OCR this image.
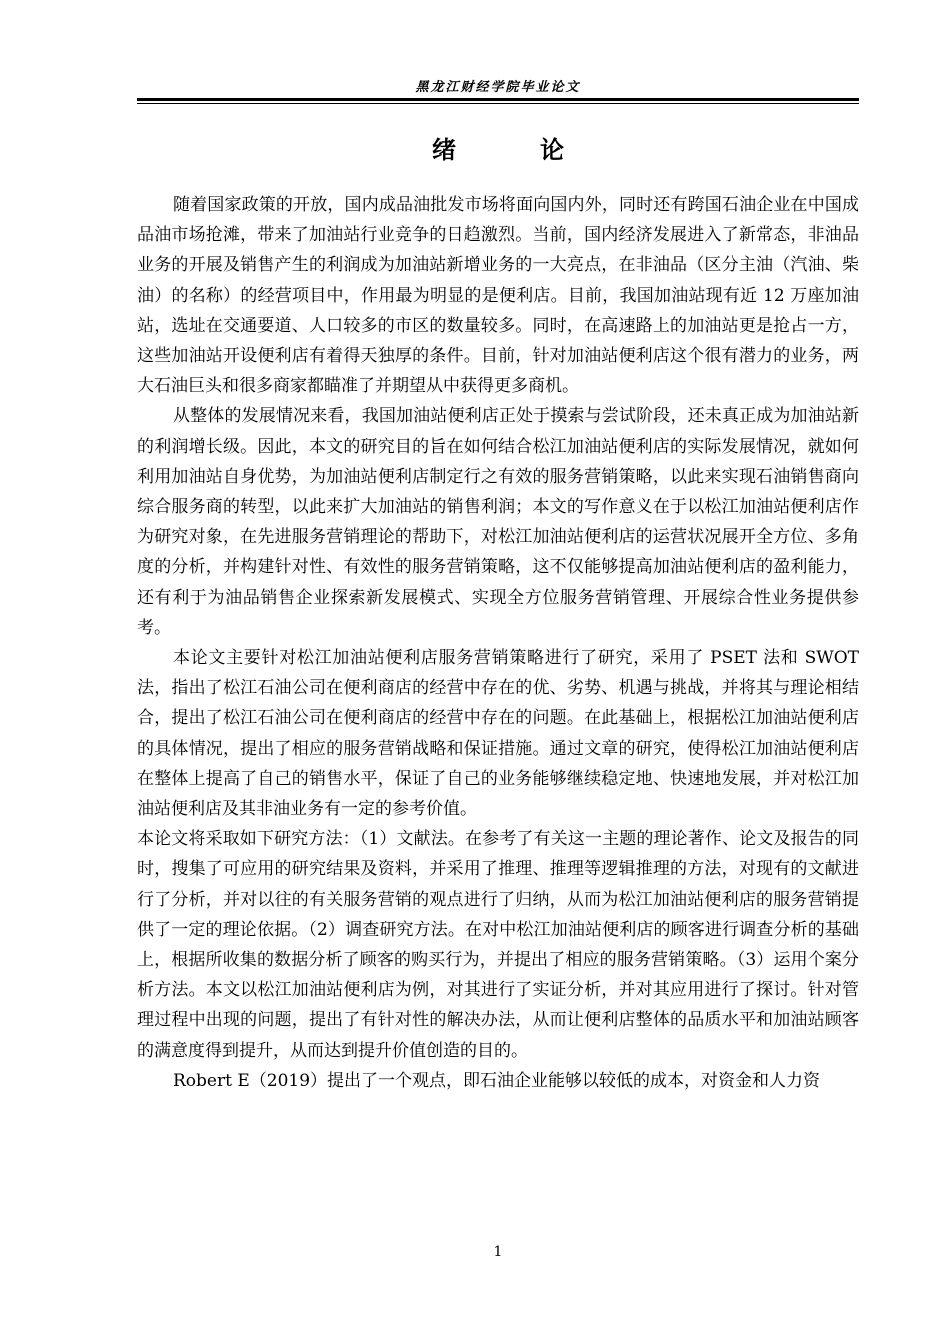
黑龙江财经学院毕业论文
绪　论

随着国家政策的开放，国内成品油批发市场将面向国内外，同时还有跨国石油企业在中国成品油市场抢滩，带来了加油站行业竞争的日趋激烈。当前，国内经济发展进入了新常态，非油品业务的开展及销售产生的利润成为加油站新增业务的一大亮点，在非油品（区分主油（汽油、柴油）的名称）的经营项目中，作用最为明显的是便利店。目前，我国加油站现有近 12 万座加油站，选址在交通要道、人口较多的市区的数量较多。同时，在高速路上的加油站更是抢占一方，这些加油站开设便利店有着得天独厚的条件。目前，针对加油站便利店这个很有潜力的业务，两大石油巨头和很多商家都瞄准了并期望从中获得更多商机。

从整体的发展情况来看，我国加油站便利店正处于摸索与尝试阶段，还未真正成为加油站新的利润增长级。因此，本文的研究目的旨在如何结合松江加油站便利店的实际发展情况，就如何利用加油站自身优势，为加油站便利店制定行之有效的服务营销策略，以此来实现石油销售商向综合服务商的转型，以此来扩大加油站的销售利润；本文的写作意义在于以松江加油站便利店作为研究对象，在先进服务营销理论的帮助下，对松江加油站便利店的运营状况展开全方位、多角度的分析，并构建针对性、有效性的服务营销策略，这不仅能够提高加油站便利店的盈利能力，还有利于为油品销售企业探索新发展模式、实现全方位服务营销管理、开展综合性业务提供参考。

本论文主要针对松江加油站便利店服务营销策略进行了研究，采用了 PSET 法和 SWOT 法，指出了松江石油公司在便利商店的经营中存在的优、劣势、机遇与挑战，并将其与理论相结合，提出了松江石油公司在便利商店的经营中存在的问题。在此基础上，根据松江加油站便利店的具体情况，提出了相应的服务营销战略和保证措施。通过文章的研究，使得松江加油站便利店在整体上提高了自己的销售水平，保证了自己的业务能够继续稳定地、快速地发展，并对松江加油站便利店及其非油业务有一定的参考价值。

本论文将采取如下研究方法：（1）文献法。在参考了有关这一主题的理论著作、论文及报告的同时，搜集了可应用的研究结果及资料，并采用了推理、推理等逻辑推理的方法，对现有的文献进行了分析，并对以往的有关服务营销的观点进行了归纳，从而为松江加油站便利店的服务营销提供了一定的理论依据。（2）调查研究方法。在对中松江加油站便利店的顾客进行调查分析的基础上，根据所收集的数据分析了顾客的购买行为，并提出了相应的服务营销策略。（3）运用个案分析方法。本文以松江加油站便利店为例，对其进行了实证分析，并对其应用进行了探讨。针对管理过程中出现的问题，提出了有针对性的解决办法，从而让便利店整体的品质水平和加油站顾客的满意度得到提升，从而达到提升价值创造的目的。

Robert E（2019）提出了一个观点，即石油企业能够以较低的成本，对资金和人力资

1
